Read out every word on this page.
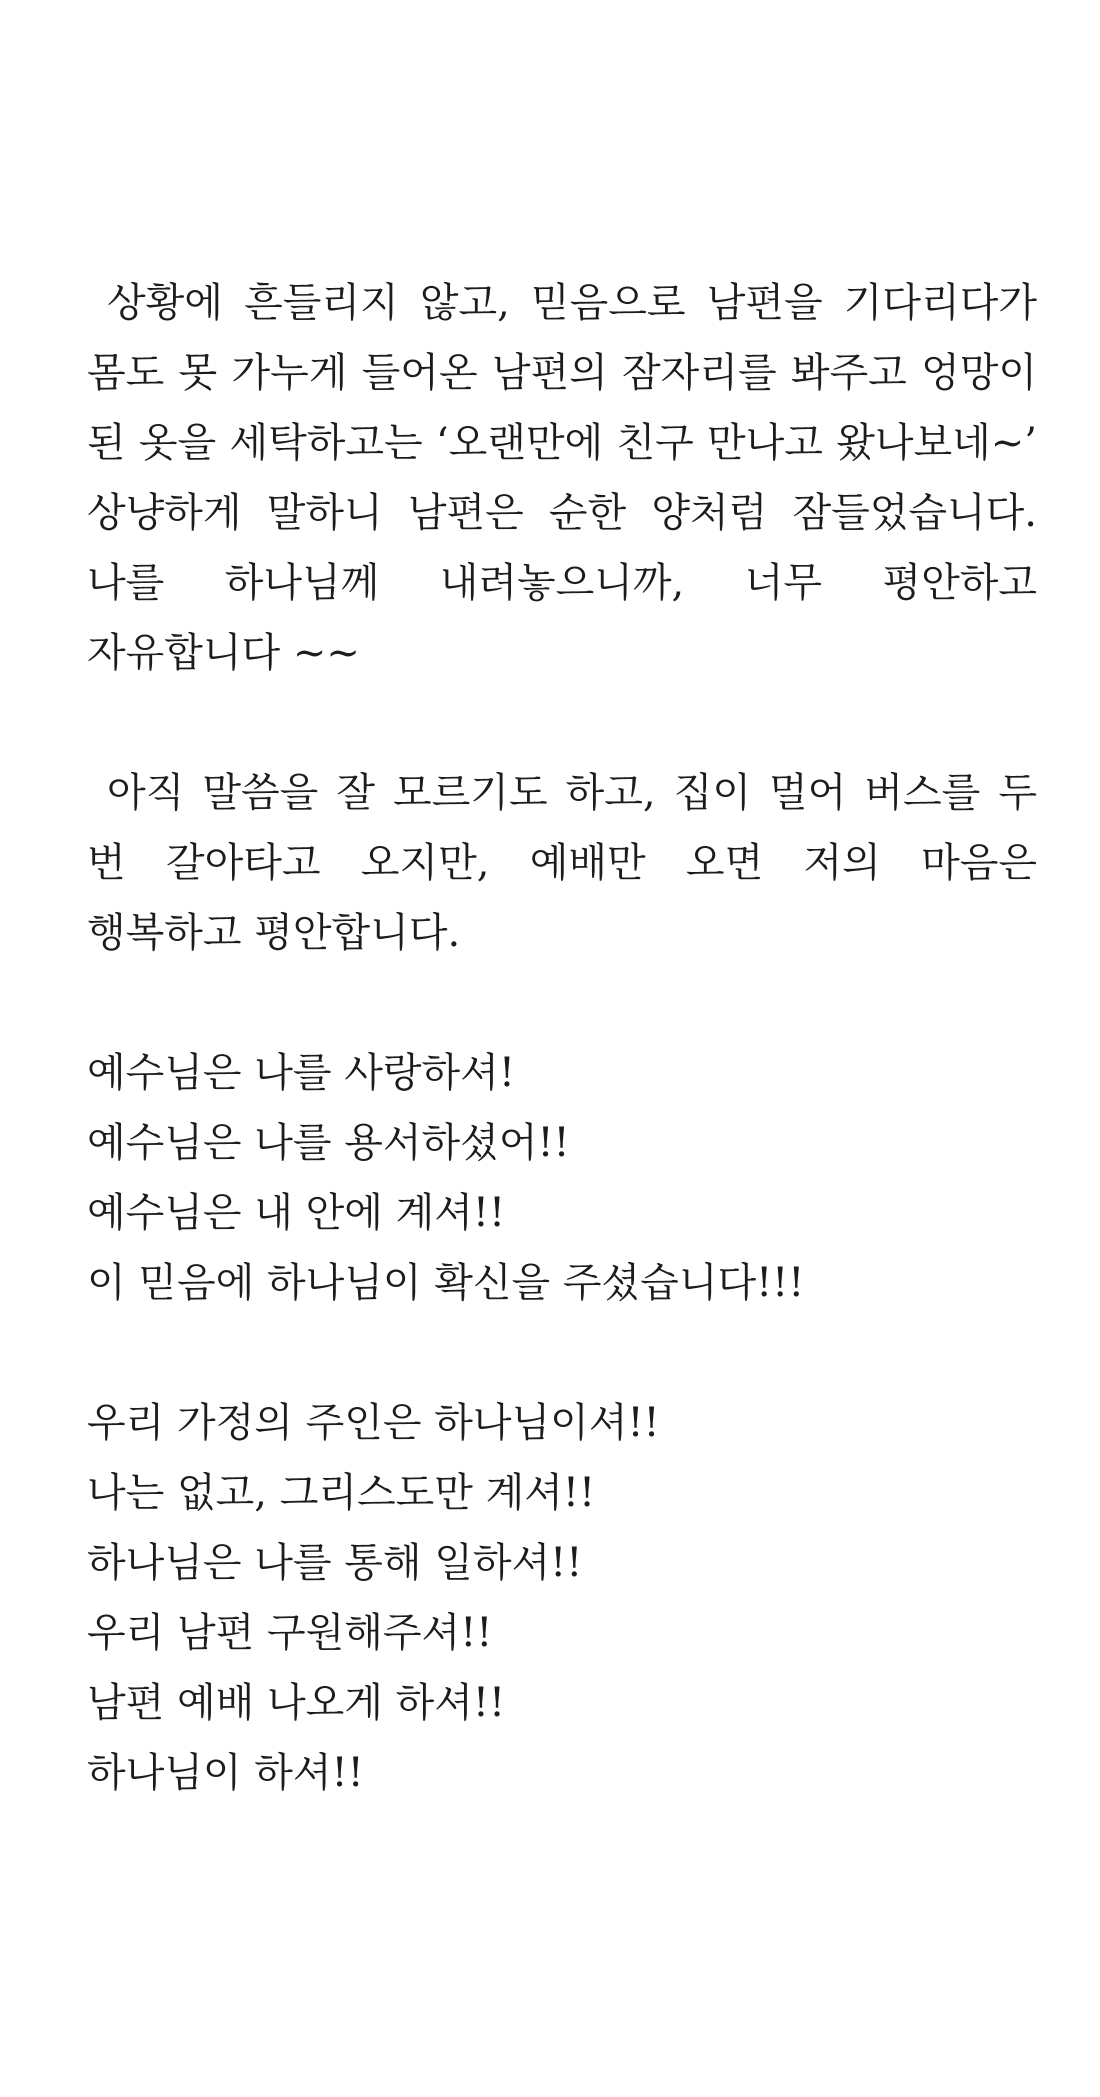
상황에 흔들리지 않고, 믿음으로 남편을 기다리다가 몸도 못 가누게 들어온 남편의 잠자리를 봐주고 엉망이 된 옷을 세탁하고는 ‘오랜만에 친구 만나고 왔나보네~’ 상냥하게 말하니 남편은 순한 양처럼 잠들었습니다. 나를 하나님께 내려놓으니까, 너무 평안하고 자유합니다 ~~

아직 말씀을 잘 모르기도 하고, 집이 멀어 버스를 두 번 갈아타고 오지만, 예배만 오면 저의 마음은 행복하고 평안합니다.

예수님은 나를 사랑하셔!
예수님은 나를 용서하셨어!!
예수님은 내 안에 계셔!!
이 믿음에 하나님이 확신을 주셨습니다!!!
우리 가정의 주인은 하나님이셔!!
나는 없고, 그리스도만 계셔!!
하나님은 나를 통해 일하셔!!
우리 남편 구원해주셔!!
남편 예배 나오게 하셔!!
하나님이 하셔!!
